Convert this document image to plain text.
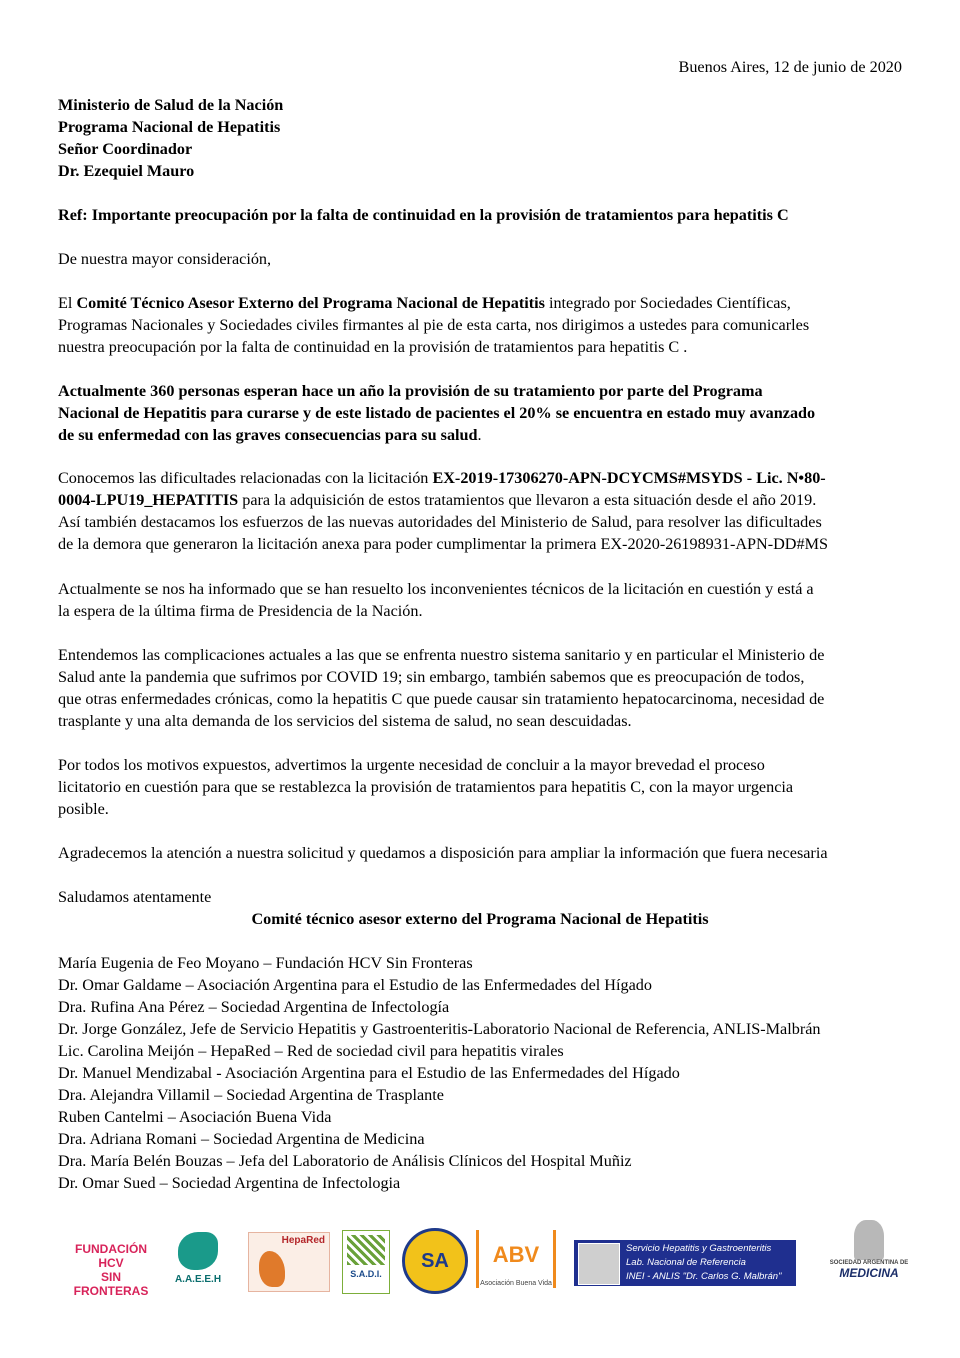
Buenos Aires, 12 de junio de 2020
Ministerio de Salud de la Nación
Programa Nacional de Hepatitis
Señor Coordinador
Dr. Ezequiel Mauro
Ref: Importante preocupación por la falta de continuidad en la provisión de tratamientos para hepatitis C
De nuestra mayor consideración,
El Comité Técnico Asesor Externo del Programa Nacional de Hepatitis integrado por Sociedades Científicas,
Programas Nacionales y Sociedades civiles firmantes al pie de esta carta, nos dirigimos a ustedes para comunicarles
nuestra preocupación por la falta de continuidad en la provisión de tratamientos para hepatitis C .
Actualmente 360 personas esperan hace un año la provisión de su tratamiento por parte del Programa
Nacional de Hepatitis para curarse y de este listado de pacientes el 20% se encuentra en estado muy avanzado
de su enfermedad con las graves consecuencias para su salud.
Conocemos las dificultades relacionadas con la licitación EX-2019-17306270-APN-DCYCMS#MSYDS - Lic. N•80-
0004-LPU19_HEPATITIS para la adquisición de estos tratamientos que llevaron a esta situación desde el año 2019.
Así también destacamos los esfuerzos de las nuevas autoridades del Ministerio de Salud, para resolver las dificultades
de la demora que generaron la licitación anexa para poder cumplimentar la primera EX-2020-26198931-APN-DD#MS
Actualmente se nos ha informado que se han resuelto los inconvenientes técnicos de la licitación en cuestión y está a
la espera de la última firma de Presidencia de la Nación.
Entendemos las complicaciones actuales a las que se enfrenta nuestro sistema sanitario y en particular el Ministerio de
Salud ante la pandemia que sufrimos por COVID 19; sin embargo, también sabemos que es preocupación de todos,
que otras enfermedades crónicas, como la hepatitis C que puede causar sin tratamiento hepatocarcinoma, necesidad de
trasplante y una alta demanda de los servicios del sistema de salud, no sean descuidadas.
Por todos los motivos expuestos, advertimos la urgente necesidad de concluir a la mayor brevedad el proceso
licitatorio en cuestión para que se restablezca la provisión de tratamientos para hepatitis C, con la mayor urgencia
posible.
Agradecemos la atención a nuestra solicitud y quedamos a disposición para ampliar la información que fuera necesaria
Saludamos atentamente
Comité técnico asesor externo del Programa Nacional de Hepatitis
María Eugenia de Feo Moyano – Fundación HCV Sin Fronteras
Dr. Omar Galdame – Asociación Argentina para el Estudio de las Enfermedades del Hígado
Dra. Rufina Ana Pérez – Sociedad Argentina de Infectología
Dr. Jorge González, Jefe de Servicio Hepatitis y Gastroenteritis-Laboratorio Nacional de Referencia, ANLIS-Malbrán
Lic. Carolina Meijón – HepaRed – Red de sociedad civil para hepatitis virales
Dr. Manuel Mendizabal - Asociación Argentina para el Estudio de las Enfermedades del Hígado
Dra. Alejandra Villamil – Sociedad Argentina de Trasplante
Ruben Cantelmi – Asociación Buena Vida
Dra. Adriana Romani – Sociedad Argentina de Medicina
Dra. María Belén Bouzas – Jefa del Laboratorio de Análisis Clínicos del Hospital Muñiz
Dr. Omar Sued – Sociedad Argentina de Infectologia
FUNDACIÓN HCV
SIN FRONTERAS
A.A.E.E.H
HepaRed
S.A.D.I.
SA	ABV
Asociación Buena Vida
Servicio Hepatitis y Gastroenteritis
Lab. Nacional de Referencia
INEI - ANLIS "Dr. Carlos G. Malbrán"
SOCIEDAD ARGENTINA DE
MEDICINA
